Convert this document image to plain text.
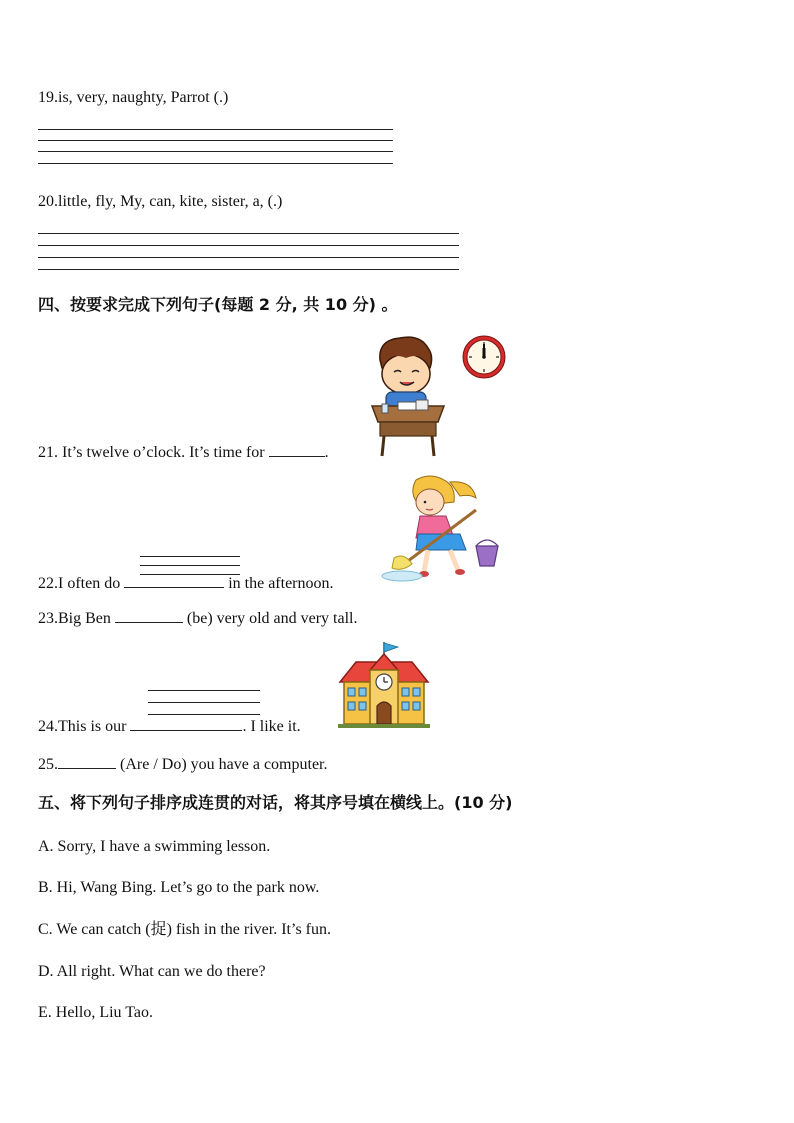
19.is, very, naughty, Parrot (.)
20.little, fly, My, can, kite, sister, a, (.)
四、按要求完成下列句子(每题 2 分, 共 10 分) 。
21. It’s twelve o’clock. It’s time for	.
22.I often do	in the afternoon.
23.Big Ben	(be) very old and very tall.
24.This is our	. I like it.
25.	(Are / Do) you have a computer.
五、将下列句子排序成连贯的对话，将其序号填在横线上。(10 分)
A. Sorry, I have a swimming lesson.
B. Hi, Wang Bing. Let’s go to the park now.
C. We can catch (捉) fish in the river. It’s fun.
D. All right. What can we do there?
E. Hello, Liu Tao.
